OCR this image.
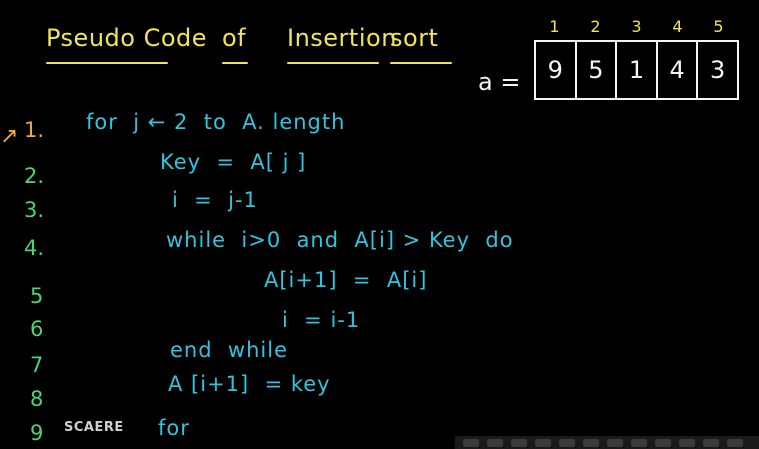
Pseudo Code of Insertion
sort	1	2	3	4	5
a =	9	5	1	4	3
↗ 1.
2.
3.
4.
5
6
7
8
9
for  j ← 2  to  A. length
Key  =  A[ j ]
i  =  j-1
while  i>0  and  A[i] > Key  do
A[i+1]  =  A[i]
i  = i-1
end  while
A [i+1]  = key
for
SCAERE
